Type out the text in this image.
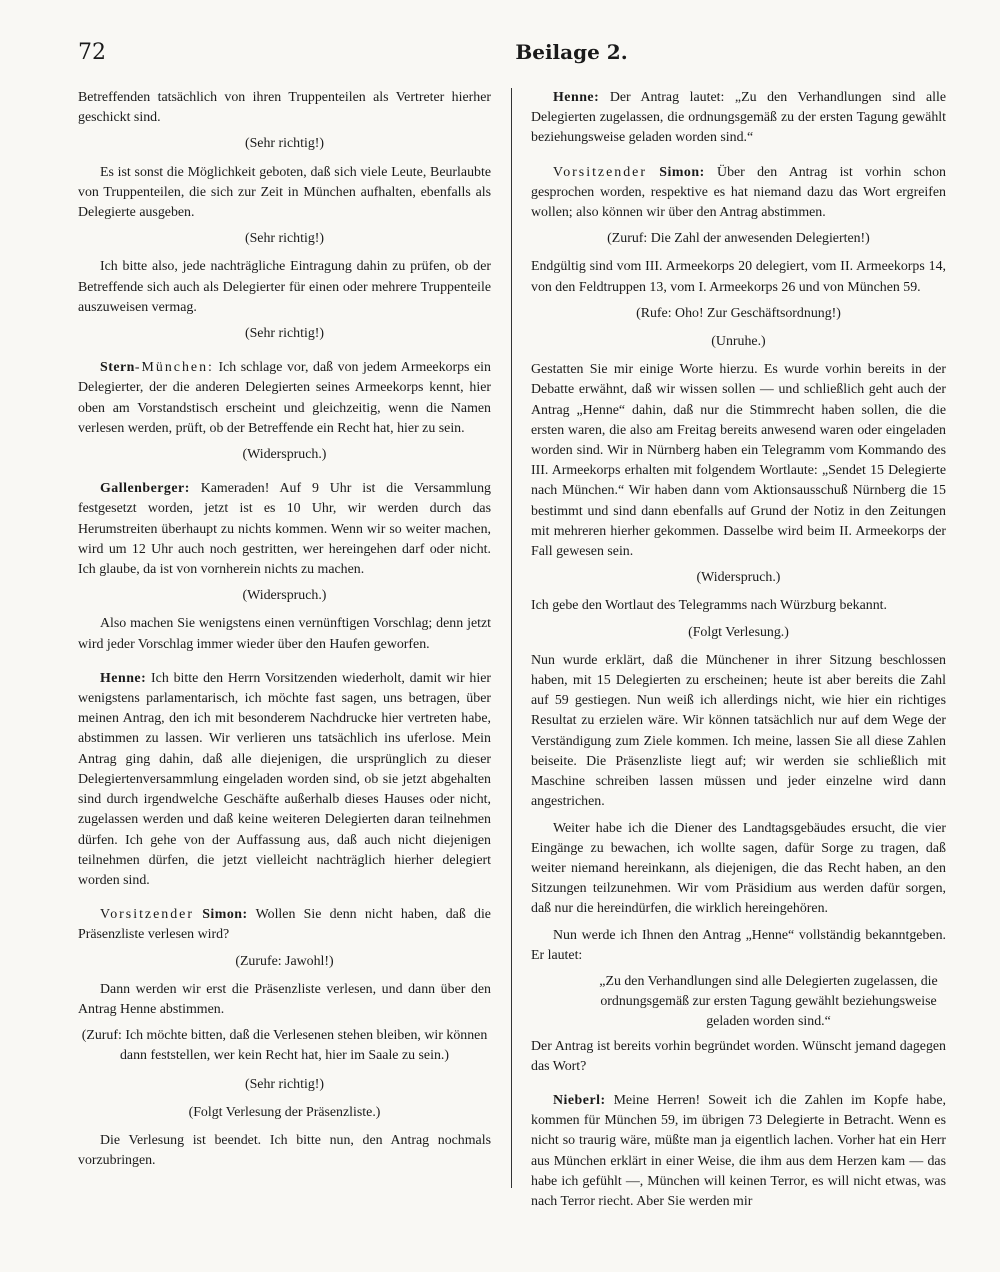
72	Beilage 2.

Betreffenden tatsächlich von ihren Truppenteilen als Vertreter hierher geschickt sind.

(Sehr richtig!)

Es ist sonst die Möglichkeit geboten, daß sich viele Leute, Beurlaubte von Truppenteilen, die sich zur Zeit in München aufhalten, ebenfalls als Delegierte ausgeben.

(Sehr richtig!)

Ich bitte also, jede nachträgliche Eintragung dahin zu prüfen, ob der Betreffende sich auch als Delegierter für einen oder mehrere Truppenteile auszuweisen vermag.

(Sehr richtig!)

Stern-München: Ich schlage vor, daß von jedem Armeekorps ein Delegierter, der die anderen Delegierten seines Armeekorps kennt, hier oben am Vorstandstisch erscheint und gleichzeitig, wenn die Namen verlesen werden, prüft, ob der Betreffende ein Recht hat, hier zu sein.

(Widerspruch.)

Gallenberger: Kameraden! Auf 9 Uhr ist die Versammlung festgesetzt worden, jetzt ist es 10 Uhr, wir werden durch das Herumstreiten überhaupt zu nichts kommen. Wenn wir so weiter machen, wird um 12 Uhr auch noch gestritten, wer hereingehen darf oder nicht. Ich glaube, da ist von vornherein nichts zu machen.

(Widerspruch.)

Also machen Sie wenigstens einen vernünftigen Vorschlag; denn jetzt wird jeder Vorschlag immer wieder über den Haufen geworfen.

Henne: Ich bitte den Herrn Vorsitzenden wiederholt, damit wir hier wenigstens parlamentarisch, ich möchte fast sagen, uns betragen, über meinen Antrag, den ich mit besonderem Nachdrucke hier vertreten habe, abstimmen zu lassen. Wir verlieren uns tatsächlich ins uferlose. Mein Antrag ging dahin, daß alle diejenigen, die ursprünglich zu dieser Delegiertenversammlung eingeladen worden sind, ob sie jetzt abgehalten sind durch irgendwelche Geschäfte außerhalb dieses Hauses oder nicht, zugelassen werden und daß keine weiteren Delegierten daran teilnehmen dürfen. Ich gehe von der Auffassung aus, daß auch nicht diejenigen teilnehmen dürfen, die jetzt vielleicht nachträglich hierher delegiert worden sind.

Vorsitzender Simon: Wollen Sie denn nicht haben, daß die Präsenzliste verlesen wird?

(Zurufe: Jawohl!)

Dann werden wir erst die Präsenzliste verlesen, und dann über den Antrag Henne abstimmen.

(Zuruf: Ich möchte bitten, daß die Verlesenen stehen bleiben, wir können dann feststellen, wer kein Recht hat, hier im Saale zu sein.)

(Sehr richtig!)

(Folgt Verlesung der Präsenzliste.)

Die Verlesung ist beendet. Ich bitte nun, den Antrag nochmals vorzubringen.

Henne: Der Antrag lautet: „Zu den Verhandlungen sind alle Delegierten zugelassen, die ordnungsgemäß zu der ersten Tagung gewählt beziehungsweise geladen worden sind.“

Vorsitzender Simon: Über den Antrag ist vorhin schon gesprochen worden, respektive es hat niemand dazu das Wort ergreifen wollen; also können wir über den Antrag abstimmen.

(Zuruf: Die Zahl der anwesenden Delegierten!)

Endgültig sind vom III. Armeekorps 20 delegiert, vom II. Armeekorps 14, von den Feldtruppen 13, vom I. Armeekorps 26 und von München 59.

(Rufe: Oho! Zur Geschäftsordnung!)

(Unruhe.)

Gestatten Sie mir einige Worte hierzu. Es wurde vorhin bereits in der Debatte erwähnt, daß wir wissen sollen — und schließlich geht auch der Antrag „Henne“ dahin, daß nur die Stimmrecht haben sollen, die die ersten waren, die also am Freitag bereits anwesend waren oder eingeladen worden sind. Wir in Nürnberg haben ein Telegramm vom Kommando des III. Armeekorps erhalten mit folgendem Wortlaute: „Sendet 15 Delegierte nach München.“ Wir haben dann vom Aktionsausschuß Nürnberg die 15 bestimmt und sind dann ebenfalls auf Grund der Notiz in den Zeitungen mit mehreren hierher gekommen. Dasselbe wird beim II. Armeekorps der Fall gewesen sein.

(Widerspruch.)

Ich gebe den Wortlaut des Telegramms nach Würzburg bekannt.

(Folgt Verlesung.)

Nun wurde erklärt, daß die Münchener in ihrer Sitzung beschlossen haben, mit 15 Delegierten zu erscheinen; heute ist aber bereits die Zahl auf 59 gestiegen. Nun weiß ich allerdings nicht, wie hier ein richtiges Resultat zu erzielen wäre. Wir können tatsächlich nur auf dem Wege der Verständigung zum Ziele kommen. Ich meine, lassen Sie all diese Zahlen beiseite. Die Präsenzliste liegt auf; wir werden sie schließlich mit Maschine schreiben lassen müssen und jeder einzelne wird dann angestrichen.

Weiter habe ich die Diener des Landtagsgebäudes ersucht, die vier Eingänge zu bewachen, ich wollte sagen, dafür Sorge zu tragen, daß weiter niemand hereinkann, als diejenigen, die das Recht haben, an den Sitzungen teilzunehmen. Wir vom Präsidium aus werden dafür sorgen, daß nur die hereindürfen, die wirklich hereingehören.

Nun werde ich Ihnen den Antrag „Henne“ vollständig bekanntgeben. Er lautet:

„Zu den Verhandlungen sind alle Delegierten zugelassen, die ordnungsgemäß zur ersten Tagung gewählt beziehungsweise geladen worden sind.“

Der Antrag ist bereits vorhin begründet worden. Wünscht jemand dagegen das Wort?

Nieberl: Meine Herren! Soweit ich die Zahlen im Kopfe habe, kommen für München 59, im übrigen 73 Delegierte in Betracht. Wenn es nicht so traurig wäre, müßte man ja eigentlich lachen. Vorher hat ein Herr aus München erklärt in einer Weise, die ihm aus dem Herzen kam — das habe ich gefühlt —, München will keinen Terror, es will nicht etwas, was nach Terror riecht. Aber Sie werden mir
